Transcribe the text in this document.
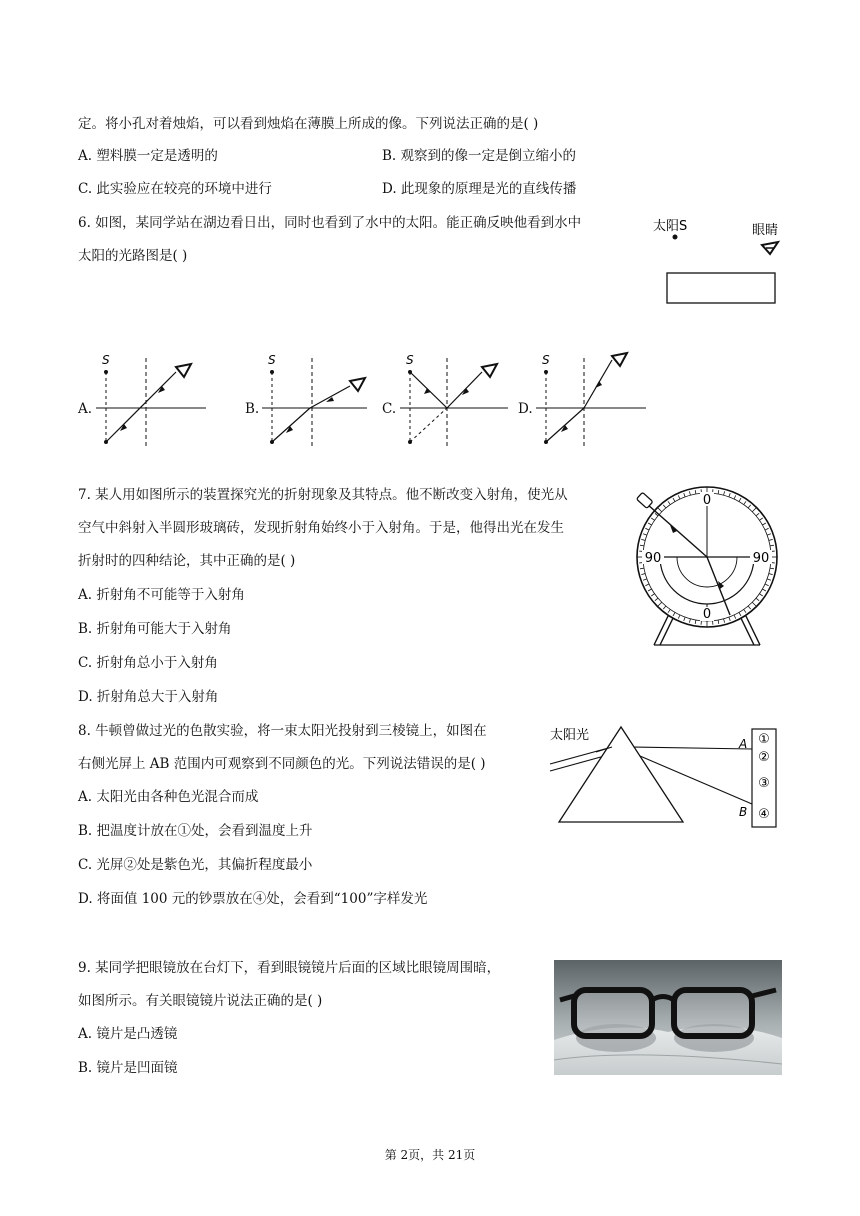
定。将小孔对着烛焰，可以看到烛焰在薄膜上所成的像。下列说法正确的是( )
A. 塑料膜一定是透明的	B. 观察到的像一定是倒立缩小的
C. 此实验应在较亮的环境中进行	D. 此现象的原理是光的直线传播
6. 如图，某同学站在湖边看日出，同时也看到了水中的太阳。能正确反映他看到水中
太阳的光路图是( )
太阳S	眼睛
A.	B.	C.	D.
S	S	S	S
7. 某人用如图所示的装置探究光的折射现象及其特点。他不断改变入射角，使光从
空气中斜射入半圆形玻璃砖，发现折射角始终小于入射角。于是，他得出光在发生
折射时的四种结论，其中正确的是( )
A. 折射角不可能等于入射角
B. 折射角可能大于入射角
C. 折射角总小于入射角
D. 折射角总大于入射角
0
0
90	90
8. 牛顿曾做过光的色散实验，将一束太阳光投射到三棱镜上，如图在
右侧光屏上 AB 范围内可观察到不同颜色的光。下列说法错误的是( )
A. 太阳光由各种色光混合而成
B. 把温度计放在①处，会看到温度上升
C. 光屏②处是紫色光，其偏折程度最小
D. 将面值 100 元的钞票放在④处，会看到“100”字样发光
太阳光
A
B
①
②
③
④
9. 某同学把眼镜放在台灯下，看到眼镜镜片后面的区域比眼镜周围暗，
如图所示。有关眼镜镜片说法正确的是( )
A. 镜片是凸透镜
B. 镜片是凹面镜
第 2页，共 21页
